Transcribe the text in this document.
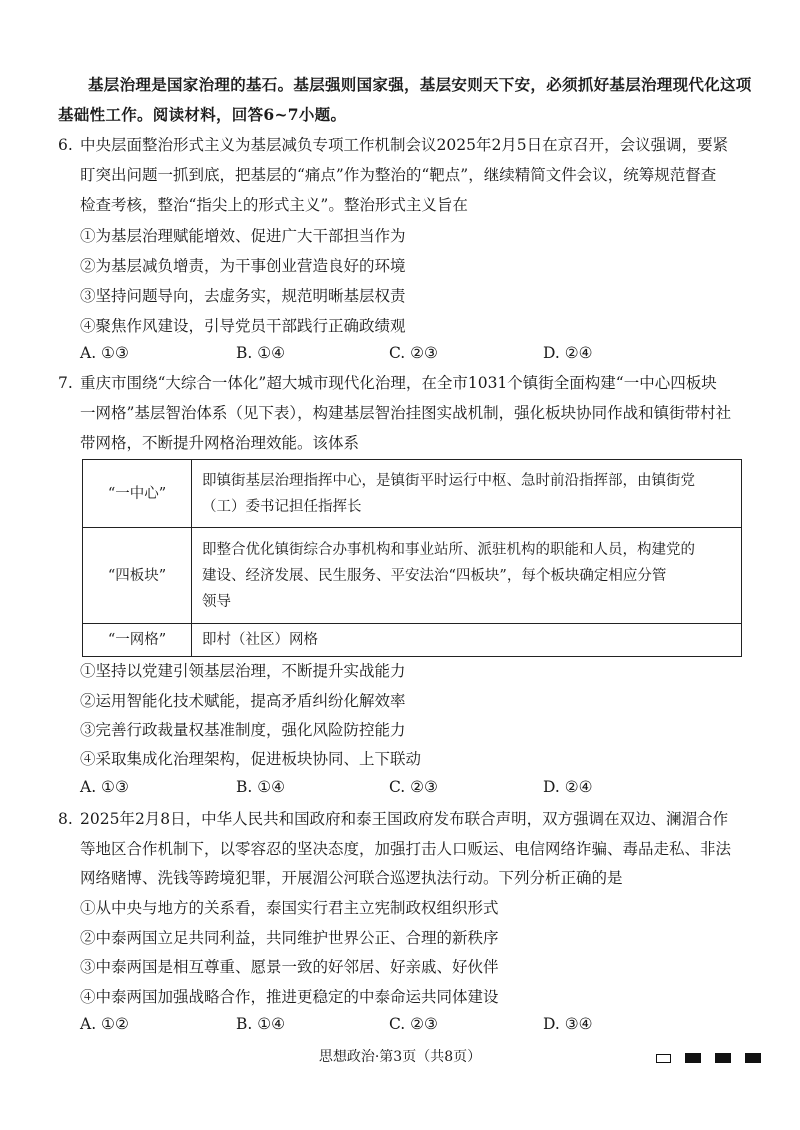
基层治理是国家治理的基石。基层强则国家强，基层安则天下安，必须抓好基层治理现代化这项
基础性工作。阅读材料，回答6~7小题。
6. 中央层面整治形式主义为基层减负专项工作机制会议2025年2月5日在京召开，会议强调，要紧
盯突出问题一抓到底，把基层的“痛点”作为整治的“靶点”，继续精简文件会议，统筹规范督查
检查考核，整治“指尖上的形式主义”。整治形式主义旨在
①为基层治理赋能增效、促进广大干部担当作为
②为基层减负增责，为干事创业营造良好的环境
③坚持问题导向，去虚务实，规范明晰基层权责
④聚焦作风建设，引导党员干部践行正确政绩观
A. ①③	B. ①④	C. ②③	D. ②④
7. 重庆市围绕“大综合一体化”超大城市现代化治理，在全市1031个镇街全面构建“一中心四板块
一网格”基层智治体系（见下表），构建基层智治挂图实战机制，强化板块协同作战和镇街带村社
带网格，不断提升网格治理效能。该体系
“一中心”	即镇街基层治理指挥中心，是镇街平时运行中枢、急时前沿指挥部，由镇街党
（工）委书记担任指挥长

“四板块”	即整合优化镇街综合办事机构和事业站所、派驻机构的职能和人员，构建党的
建设、经济发展、民生服务、平安法治“四板块”，每个板块确定相应分管
领导

“一网格”	即村（社区）网格
①坚持以党建引领基层治理，不断提升实战能力
②运用智能化技术赋能，提高矛盾纠纷化解效率
③完善行政裁量权基准制度，强化风险防控能力
④采取集成化治理架构，促进板块协同、上下联动
A. ①③	B. ①④	C. ②③	D. ②④
8. 2025年2月8日，中华人民共和国政府和泰王国政府发布联合声明，双方强调在双边、澜湄合作
等地区合作机制下，以零容忍的坚决态度，加强打击人口贩运、电信网络诈骗、毒品走私、非法
网络赌博、洗钱等跨境犯罪，开展湄公河联合巡逻执法行动。下列分析正确的是
①从中央与地方的关系看，泰国实行君主立宪制政权组织形式
②中泰两国立足共同利益，共同维护世界公正、合理的新秩序
③中泰两国是相互尊重、愿景一致的好邻居、好亲戚、好伙伴
④中泰两国加强战略合作，推进更稳定的中泰命运共同体建设
A. ①②	B. ①④	C. ②③	D. ③④
思想政治·第3页（共8页）
